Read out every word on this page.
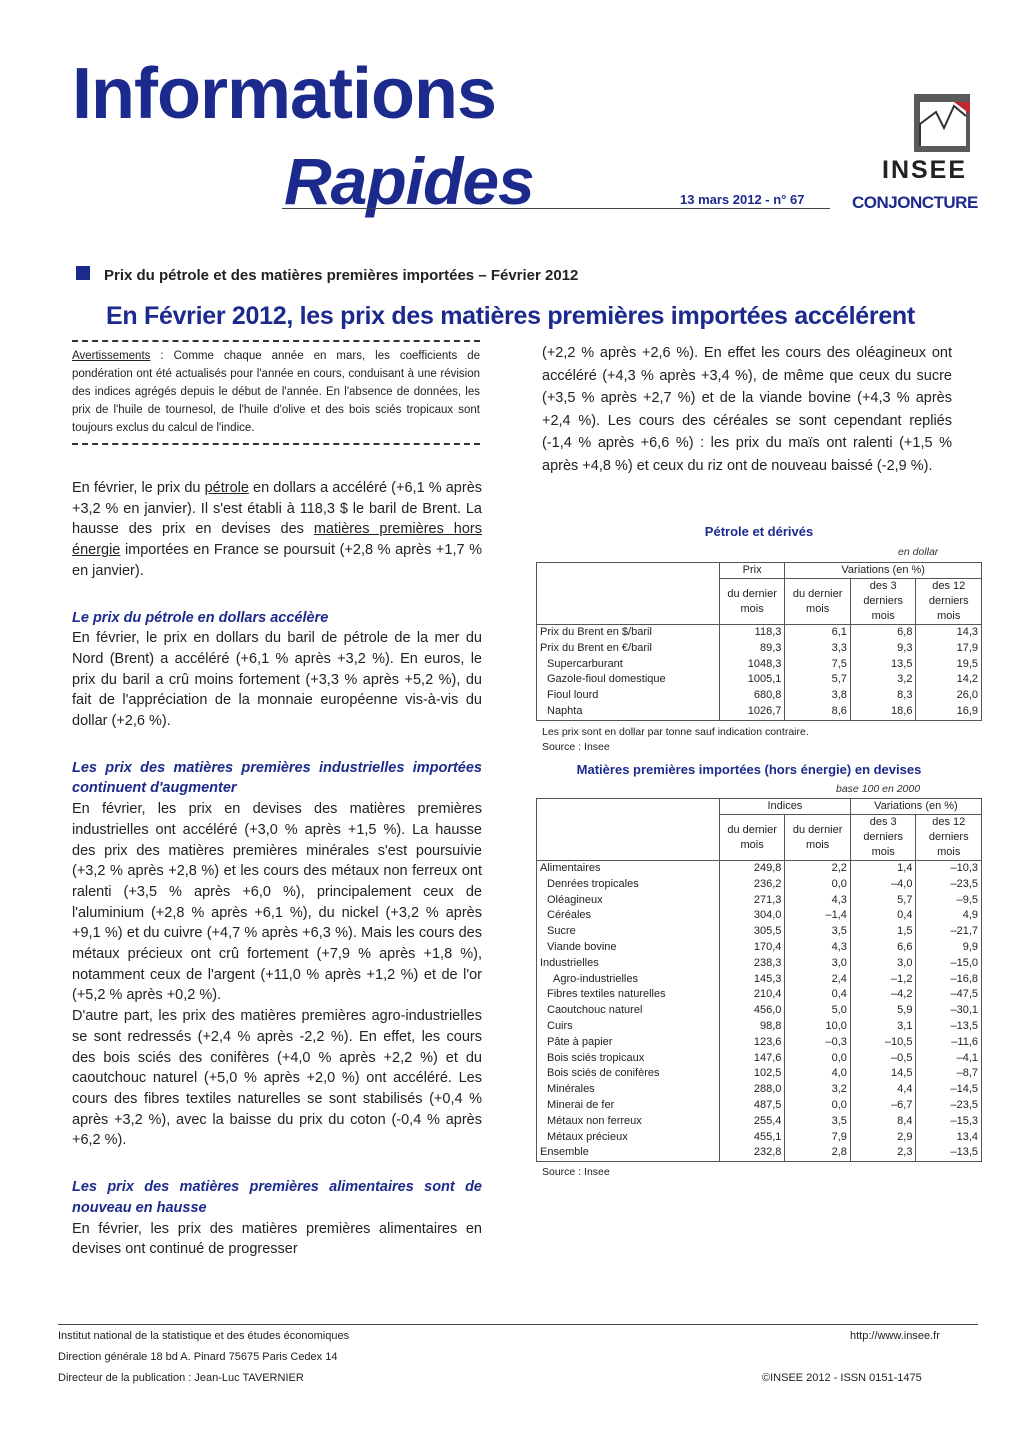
Informations
Rapides	13 mars 2012 - n° 67
INSEE
CONJONCTURE
Prix du pétrole et des matières premières importées – Février 2012
En Février 2012, les prix des matières premières importées accélérent
Avertissements : Comme chaque année en mars, les coefficients de pondération ont été actualisés pour l'année en cours, conduisant à une révision des indices agrégés depuis le début de l'année. En l'absence de données, les prix de l'huile de tournesol, de l'huile d'olive et des bois sciés tropicaux sont toujours exclus du calcul de l'indice.

En février, le prix du pétrole en dollars a accéléré (+6,1 % après +3,2 % en janvier). Il s'est établi à 118,3 $ le baril de Brent. La hausse des prix en devises des matières premières hors énergie importées en France se poursuit (+2,8 % après +1,7 % en janvier).

Le prix du pétrole en dollars accélère

En février, le prix en dollars du baril de pétrole de la mer du Nord (Brent) a accéléré (+6,1 % après +3,2 %). En euros, le prix du baril a crû moins fortement (+3,3 % après +5,2 %), du fait de l'appréciation de la monnaie européenne vis-à-vis du dollar (+2,6 %).

Les prix des matières premières industrielles importées continuent d'augmenter

En février, les prix en devises des matières premières industrielles ont accéléré (+3,0 % après +1,5 %). La hausse des prix des matières premières minérales s'est poursuivie (+3,2 % après +2,8 %) et les cours des métaux non ferreux ont ralenti (+3,5 % après +6,0 %), principalement ceux de l'aluminium (+2,8 % après +6,1 %), du nickel (+3,2 % après +9,1 %) et du cuivre (+4,7 % après +6,3 %). Mais les cours des métaux précieux ont crû fortement (+7,9 % après +1,8 %), notamment ceux de l'argent (+11,0 % après +1,2 %) et de l'or (+5,2 % après +0,2 %).

D'autre part, les prix des matières premières agro-industrielles se sont redressés (+2,4 % après -2,2 %). En effet, les cours des bois sciés des conifères (+4,0 % après +2,2 %) et du caoutchouc naturel (+5,0 % après +2,0 %) ont accéléré. Les cours des fibres textiles naturelles se sont stabilisés (+0,4 % après +3,2 %), avec la baisse du prix du coton (-0,4 % après +6,2 %).

Les prix des matières premières alimentaires sont de nouveau en hausse

En février, les prix des matières premières alimentaires en devises ont continué de progresser

(+2,2 % après +2,6 %). En effet les cours des oléagineux ont accéléré (+4,3 % après +3,4 %), de même que ceux du sucre (+3,5 % après +2,7 %) et de la viande bovine (+4,3 % après +2,4 %). Les cours des céréales se sont cependant repliés (-1,4 % après +6,6 %) : les prix du maïs ont ralenti (+1,5 % après +4,8 %) et ceux du riz ont de nouveau baissé (-2,9 %).
Pétrole et dérivés
en dollar
	Prix	Variations (en %)		
	du dernier mois	du dernier mois	des 3 derniers mois	des 12 derniers mois
Prix du Brent en $/baril	118,3	6,1	6,8	14,3
Prix du Brent en €/baril	89,3	3,3	9,3	17,9
Supercarburant	1048,3	7,5	13,5	19,5
Gazole-fioul domestique	1005,1	5,7	3,2	14,2
Fioul lourd	680,8	3,8	8,3	26,0
Naphta	1026,7	8,6	18,6	16,9
Les prix sont en dollar par tonne sauf indication contraire.
Source : Insee
Matières premières importées (hors énergie) en devises
base 100 en 2000
	Indices		Variations (en %)	
	du dernier mois	du dernier mois	des 3 derniers mois	des 12 derniers mois
Alimentaires	249,8	2,2	1,4	–10,3
Denrées tropicales	236,2	0,0	–4,0	–23,5
Oléagineux	271,3	4,3	5,7	–9,5
Céréales	304,0	–1,4	0,4	4,9
Sucre	305,5	3,5	1,5	–21,7
Viande bovine	170,4	4,3	6,6	9,9
Industrielles	238,3	3,0	3,0	–15,0
Agro-industrielles	145,3	2,4	–1,2	–16,8
Fibres textiles naturelles	210,4	0,4	–4,2	–47,5
Caoutchouc naturel	456,0	5,0	5,9	–30,1
Cuirs	98,8	10,0	3,1	–13,5
Pâte à papier	123,6	–0,3	–10,5	–11,6
Bois sciés tropicaux	147,6	0,0	–0,5	–4,1
Bois sciés de conifères	102,5	4,0	14,5	–8,7
Minérales	288,0	3,2	4,4	–14,5
Minerai de fer	487,5	0,0	–6,7	–23,5
Métaux non ferreux	255,4	3,5	8,4	–15,3
Métaux précieux	455,1	7,9	2,9	13,4
Ensemble	232,8	2,8	2,3	–13,5
Source : Insee
Institut national de la statistique et des études économiques
Direction générale 18 bd A. Pinard 75675 Paris Cedex 14
Directeur de la publication : Jean-Luc TAVERNIER
http://www.insee.fr
©INSEE 2012 - ISSN 0151-1475
